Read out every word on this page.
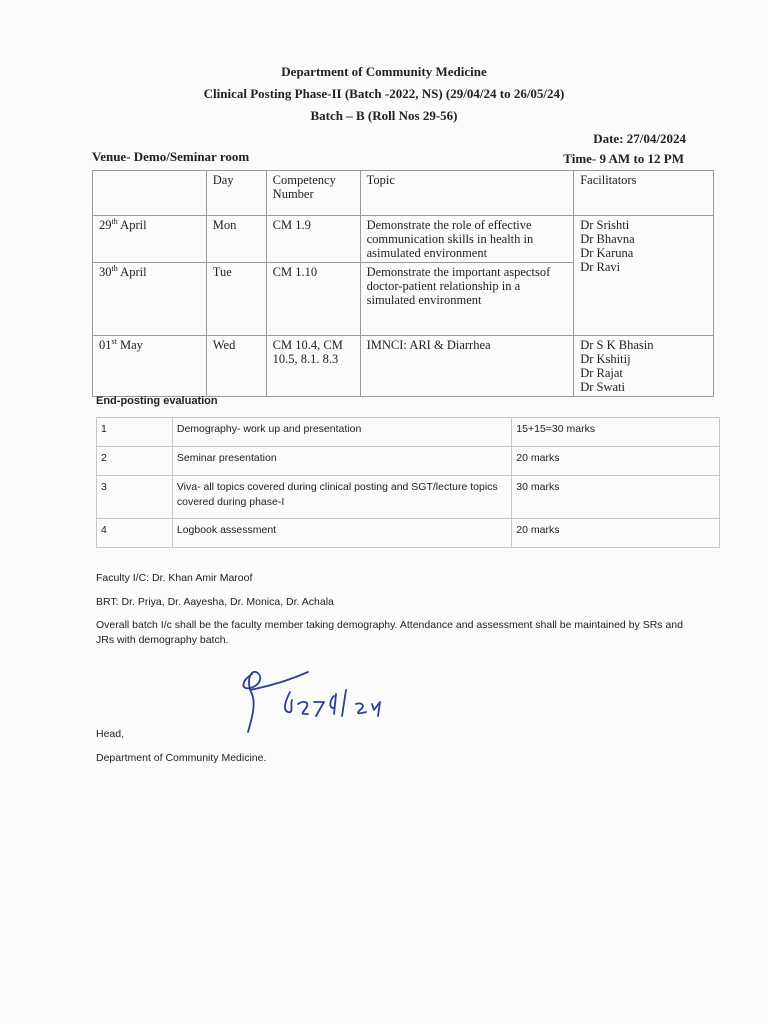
Department of Community Medicine
Clinical Posting Phase-II (Batch -2022, NS) (29/04/24 to 26/05/24)
Batch – B (Roll Nos 29-56)
Date: 27/04/2024
Venue- Demo/Seminar room	Time- 9 AM to 12 PM
	Day	Competency Number	Topic	Facilitators
29th April	Mon	CM 1.9	Demonstrate the role of effective communication skills in health in asimulated environment	Dr Srishti
Dr Bhavna
Dr Karuna
Dr Ravi

30th April	Tue	CM 1.10	Demonstrate the important aspectsof doctor-patient relationship in a simulated environment	
01st May	Wed	CM 10.4, CM 10.5, 8.1. 8.3	IMNCI: ARI & Diarrhea	Dr S K Bhasin
Dr Kshitij
Dr Rajat
Dr Swati
End-posting evaluation
1	Demography- work up and presentation	15+15=30 marks
2	Seminar presentation	20 marks
3	Viva- all topics covered during clinical posting and SGT/lecture topics covered during phase-I	30 marks
4	Logbook assessment	20 marks
Faculty I/C: Dr. Khan Amir Maroof
BRT: Dr. Priya, Dr. Aayesha, Dr. Monica, Dr. Achala
Overall batch I/c shall be the faculty member taking demography. Attendance and assessment shall be maintained by SRs and JRs with demography batch.
Head,
Department of Community Medicine.
